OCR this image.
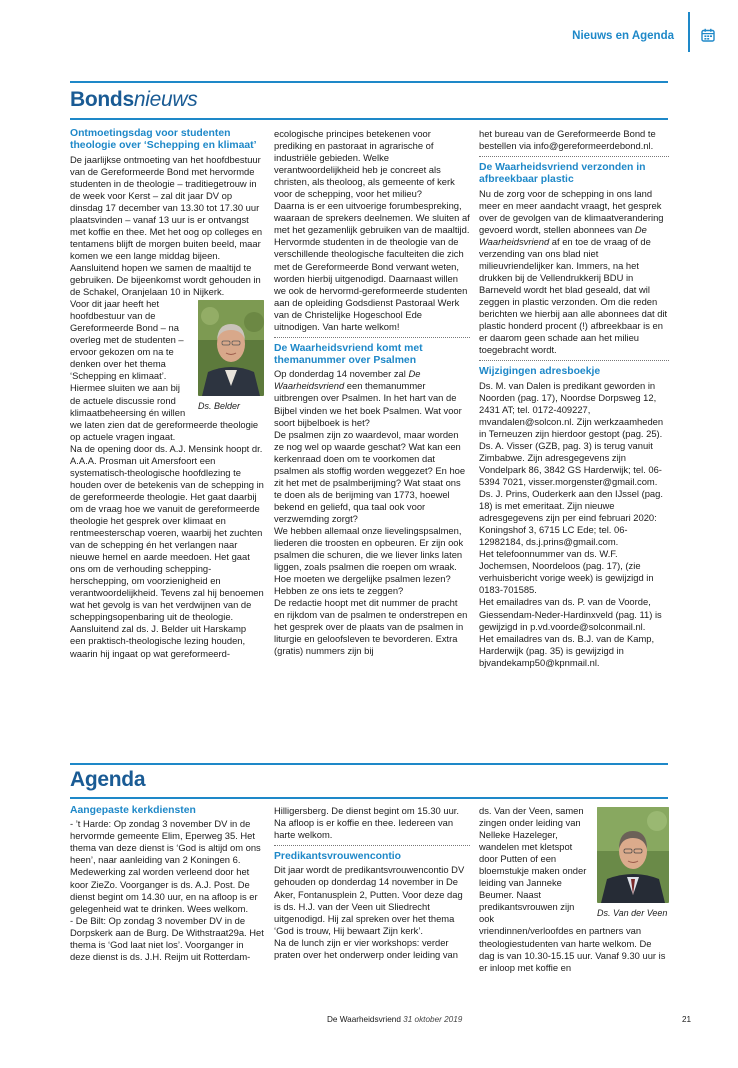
Nieuws en Agenda
Bondsnieuws

Ontmoetingsdag voor studenten theologie over ‘Schepping en klimaat’

De jaarlijkse ontmoeting van het hoofdbestuur van de Gereformeerde Bond met hervormde studenten in de theologie – traditiegetrouw in de week voor Kerst – zal dit jaar DV op dinsdag 17 december van 13.30 tot 17.30 uur plaatsvinden – vanaf 13 uur is er ontvangst met koffie en thee. Met het oog op colleges en tentamens blijft de morgen buiten beeld, maar komen we een lange middag bijeen. Aansluitend hopen we samen de maaltijd te gebruiken. De bijeenkomst wordt gehouden in de Schakel, Oranjelaan 10 in Nijkerk.

Ds. Belder

Voor dit jaar heeft het hoofdbestuur van de Gereformeerde Bond – na overleg met de studenten – ervoor gekozen om na te denken over het thema ‘Schepping en klimaat’. Hiermee sluiten we aan bij de actuele discussie rond klimaatbeheersing én willen we laten zien dat de gereformeerde theologie op actuele vragen ingaat.

Na de opening door ds. A.J. Mensink hoopt dr. A.A.A. Prosman uit Amersfoort een systematisch-theologische hoofdlezing te houden over de betekenis van de schepping in de gereformeerde theologie. Het gaat daarbij om de vraag hoe we vanuit de gereformeerde theologie het gesprek over klimaat en rentmeesterschap voeren, waarbij het zuchten van de schepping én het verlangen naar nieuwe hemel en aarde meedoen. Het gaat ons om de verhouding schepping-herschepping, om voorzienigheid en verantwoordelijkheid. Tevens zal hij benoemen wat het gevolg is van het verdwijnen van de scheppingsopenbaring uit de theologie. Aansluitend zal ds. J. Belder uit Harskamp een praktisch-theologische lezing houden, waarin hij ingaat op wat gereformeerd-

ecologische principes betekenen voor prediking en pastoraat in agrarische of industriële gebieden. Welke verantwoordelijkheid heb je concreet als christen, als theoloog, als gemeente of kerk voor de schepping, voor het milieu?

Daarna is er een uitvoerige forumbespreking, waaraan de sprekers deelnemen. We sluiten af met het gezamenlijk gebruiken van de maaltijd.

Hervormde studenten in de theologie van de verschillende theologische faculteiten die zich met de Gereformeerde Bond verwant weten, worden hierbij uitgenodigd. Daarnaast willen we ook de hervormd-gereformeerde studenten aan de opleiding Godsdienst Pastoraal Werk van de Christelijke Hogeschool Ede uitnodigen. Van harte welkom!

De Waarheidsvriend komt met themanummer over Psalmen

Op donderdag 14 november zal De Waarheidsvriend een themanummer uitbrengen over Psalmen. In het hart van de Bijbel vinden we het boek Psalmen. Wat voor soort bijbelboek is het?

De psalmen zijn zo waardevol, maar worden ze nog wel op waarde geschat? Wat kan een kerkenraad doen om te voorkomen dat psalmen als stoffig worden weggezet? En hoe zit het met de psalmberijming? Wat staat ons te doen als de berijming van 1773, hoewel bekend en geliefd, qua taal ook voor verzwemding zorgt?

We hebben allemaal onze lievelingspsalmen, liederen die troosten en opbeuren. Er zijn ook psalmen die schuren, die we liever links laten liggen, zoals psalmen die roepen om wraak. Hoe moeten we dergelijke psalmen lezen? Hebben ze ons iets te zeggen?

De redactie hoopt met dit nummer de pracht en rijkdom van de psalmen te onderstrepen en het gesprek over de plaats van de psalmen in liturgie en geloofsleven te bevorderen. Extra (gratis) nummers zijn bij

het bureau van de Gereformeerde Bond te bestellen via info@gereformeerdebond.nl.

De Waarheidsvriend verzonden in afbreekbaar plastic

Nu de zorg voor de schepping in ons land meer en meer aandacht vraagt, het gesprek over de gevolgen van de klimaatverandering gevoerd wordt, stellen abonnees van De Waarheidsvriend af en toe de vraag of de verzending van ons blad niet milieuvriendelijker kan. Immers, na het drukken bij de Vellendrukkerij BDU in Barneveld wordt het blad geseald, dat wil zeggen in plastic verzonden. Om die reden berichten we hierbij aan alle abonnees dat dit plastic honderd procent (!) afbreekbaar is en er daarom geen schade aan het milieu toegebracht wordt.

Wijzigingen adresboekje

Ds. M. van Dalen is predikant geworden in Noorden (pag. 17), Noordse Dorpsweg 12, 2431 AT; tel. 0172-409227, mvandalen@solcon.nl. Zijn werkzaamheden in Terneuzen zijn hierdoor gestopt (pag. 25).

Ds. A. Visser (GZB, pag. 3) is terug vanuit Zimbabwe. Zijn adresgegevens zijn Vondelpark 86, 3842 GS Harderwijk; tel. 06-5394 7021, visser.morgenster@gmail.com.

Ds. J. Prins, Ouderkerk aan den IJssel (pag. 18) is met emeritaat. Zijn nieuwe adresgegevens zijn per eind februari 2020: Koningshof 3, 6715 LC Ede; tel. 06-12982184, ds.j.prins@gmail.com.

Het telefoonnummer van ds. W.F. Jochemsen, Noordeloos (pag. 17), (zie verhuisbericht vorige week) is gewijzigd in 0183-701585.

Het emailadres van ds. P. van de Voorde, Giessendam-Neder-Hardinxveld (pag. 11) is gewijzigd in p.vd.voorde@solconmail.nl.

Het emailadres van ds. B.J. van de Kamp, Harderwijk (pag. 35) is gewijzigd in bjvandekamp50@kpnmail.nl.

Agenda

Aangepaste kerkdiensten

- ’t Harde: Op zondag 3 november DV in de hervormde gemeente Elim, Eperweg 35. Het thema van deze dienst is ‘God is altijd om ons heen’, naar aanleiding van 2 Koningen 6. Medewerking zal worden verleend door het koor ZieZo. Voorganger is ds. A.J. Post. De dienst begint om 14.30 uur, en na afloop is er gelegenheid wat te drinken. Wees welkom.

- De Bilt: Op zondag 3 november DV in de Dorpskerk aan de Burg. De Withstraat29a. Het thema is ‘God laat niet los’. Voorganger in deze dienst is ds. J.H. Reijm uit Rotterdam-

Hilligersberg. De dienst begint om 15.30 uur. Na afloop is er koffie en thee. Iedereen van harte welkom.

Predikantsvrouwencontio

Dit jaar wordt de predikantsvrouwencontio DV gehouden op donderdag 14 november in De Aker, Fontanusplein 2, Putten. Voor deze dag is ds. H.J. van der Veen uit Sliedrecht uitgenodigd. Hij zal spreken over het thema ‘God is trouw, Hij bewaart Zijn kerk’.

Na de lunch zijn er vier workshops: verder praten over het onderwerp onder leiding van

Ds. Van der Veen

ds. Van der Veen, samen zingen onder leiding van Nelleke Hazeleger, wandelen met kletspot door Putten of een bloemstukje maken onder leiding van Janneke Beumer. Naast predikantsvrouwen zijn ook vriendinnen/verloofdes en partners van theologiestudenten van harte welkom. De dag is van 10.30-15.15 uur. Vanaf 9.30 uur is er inloop met koffie en

De Waarheidsvriend 31 oktober 2019	21
